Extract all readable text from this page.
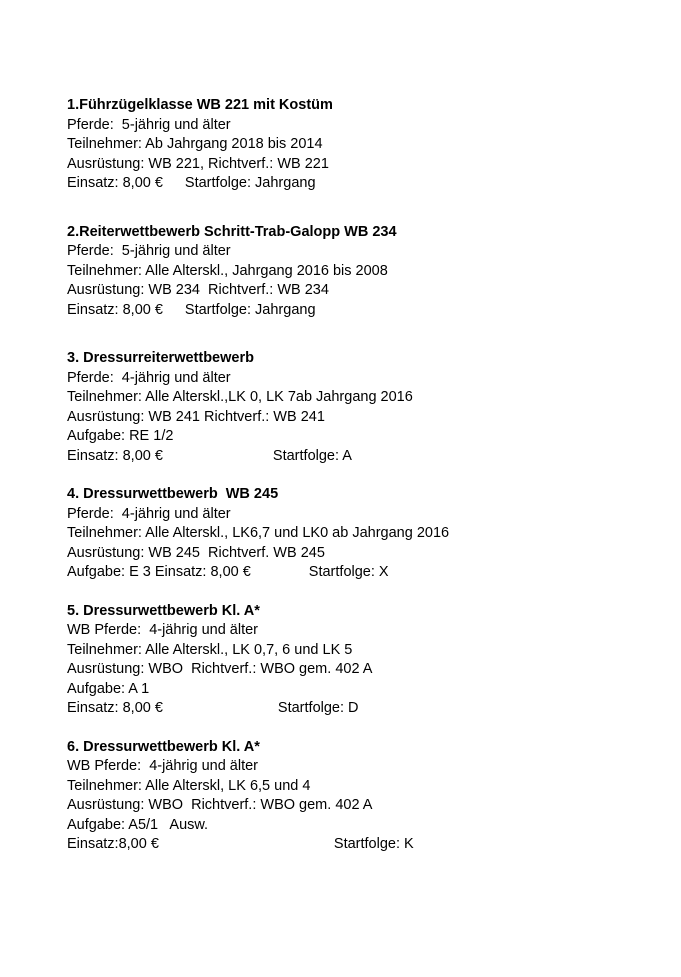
1.Führzügelklasse WB 221 mit Kostüm
Pferde:  5-jährig und älter
Teilnehmer: Ab Jahrgang 2018 bis 2014
Ausrüstung: WB 221, Richtverf.: WB 221
Einsatz: 8,00 € Startfolge: Jahrgang
2.Reiterwettbewerb Schritt-Trab-Galopp WB 234
Pferde:  5-jährig und älter
Teilnehmer: Alle Alterskl., Jahrgang 2016 bis 2008
Ausrüstung: WB 234  Richtverf.: WB 234
Einsatz: 8,00 € Startfolge: Jahrgang
3. Dressurreiterwettbewerb
Pferde:  4-jährig und älter
Teilnehmer: Alle Alterskl.,LK 0, LK 7ab Jahrgang 2016
Ausrüstung: WB 241 Richtverf.: WB 241
Aufgabe: RE 1/2
Einsatz: 8,00 €	Startfolge: A
4. Dressurwettbewerb  WB 245
Pferde:  4-jährig und älter
Teilnehmer: Alle Alterskl., LK6,7 und LK0 ab Jahrgang 2016
Ausrüstung: WB 245  Richtverf. WB 245
Aufgabe: E 3 Einsatz: 8,00 €	Startfolge: X
5. Dressurwettbewerb Kl. A*
WB Pferde:  4-jährig und älter
Teilnehmer: Alle Alterskl., LK 0,7, 6 und LK 5
Ausrüstung: WBO  Richtverf.: WBO gem. 402 A
Aufgabe: A 1
Einsatz: 8,00 €	Startfolge: D
6. Dressurwettbewerb Kl. A*
WB Pferde:  4-jährig und älter
Teilnehmer: Alle Alterskl, LK 6,5 und 4
Ausrüstung: WBO  Richtverf.: WBO gem. 402 A
Aufgabe: A5/1   Ausw.
Einsatz:8,00 €	Startfolge: K
